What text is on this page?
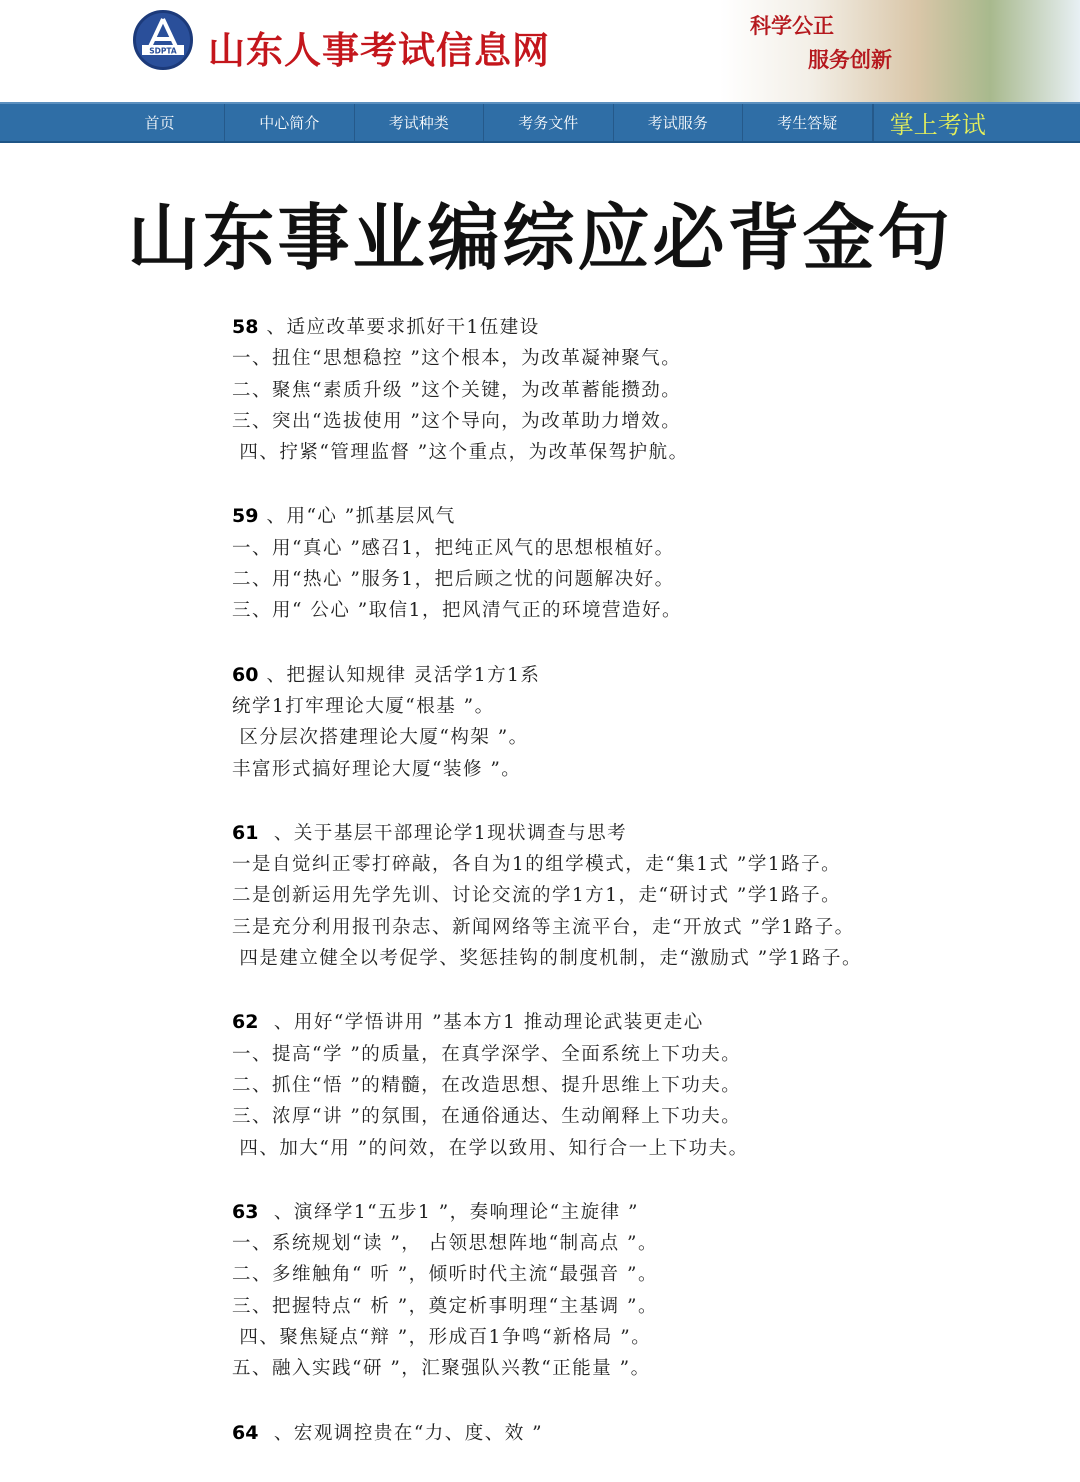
SDPTA 山东人事考试信息网
科学公正
服务创新
首页	中心简介	考试种类	考务文件	考试服务	考生答疑	掌上考试
山东事业编综应必背金句
58 、适应改革要求抓好干1伍建设
一、扭住“思想稳控 ”这个根本，为改革凝神聚气。
二、聚焦“素质升级 ”这个关键，为改革蓄能攒劲。
三、突出“选拔使用 ”这个导向，为改革助力增效。
四、拧紧“管理监督 ”这个重点，为改革保驾护航。
59 、用“心 ”抓基层风气
一、用“真心 ”感召1，把纯正风气的思想根植好。
二、用“热心 ”服务1，把后顾之忧的问题解决好。
三、用“ 公心 ”取信1，把风清气正的环境营造好。
60 、把握认知规律 灵活学1方1系
统学1打牢理论大厦“根基 ”。
区分层次搭建理论大厦“构架 ”。
丰富形式搞好理论大厦“装修 ”。
61 、关于基层干部理论学1现状调查与思考
一是自觉纠正零打碎敲，各自为1的组学模式，走“集1式 ”学1路子。
二是创新运用先学先训、讨论交流的学1方1，走“研讨式 ”学1路子。
三是充分利用报刊杂志、新闻网络等主流平台，走“开放式 ”学1路子。
四是建立健全以考促学、奖惩挂钩的制度机制，走“激励式 ”学1路子。
62 、用好“学悟讲用 ”基本方1 推动理论武装更走心
一、提高“学 ”的质量，在真学深学、全面系统上下功夫。
二、抓住“悟 ”的精髓，在改造思想、提升思维上下功夫。
三、浓厚“讲 ”的氛围，在通俗通达、生动阐释上下功夫。
四、加大“用 ”的问效，在学以致用、知行合一上下功夫。
63 、演绎学1“五步1 ”，奏响理论“主旋律 ”
一、系统规划“读 ”， 占领思想阵地“制高点 ”。
二、多维触角“ 听 ”，倾听时代主流“最强音 ”。
三、把握特点“ 析 ”，奠定析事明理“主基调 ”。
四、聚焦疑点“辩 ”，形成百1争鸣“新格局 ”。
五、融入实践“研 ”，汇聚强队兴教“正能量 ”。
64 、宏观调控贵在“力、度、效 ”
